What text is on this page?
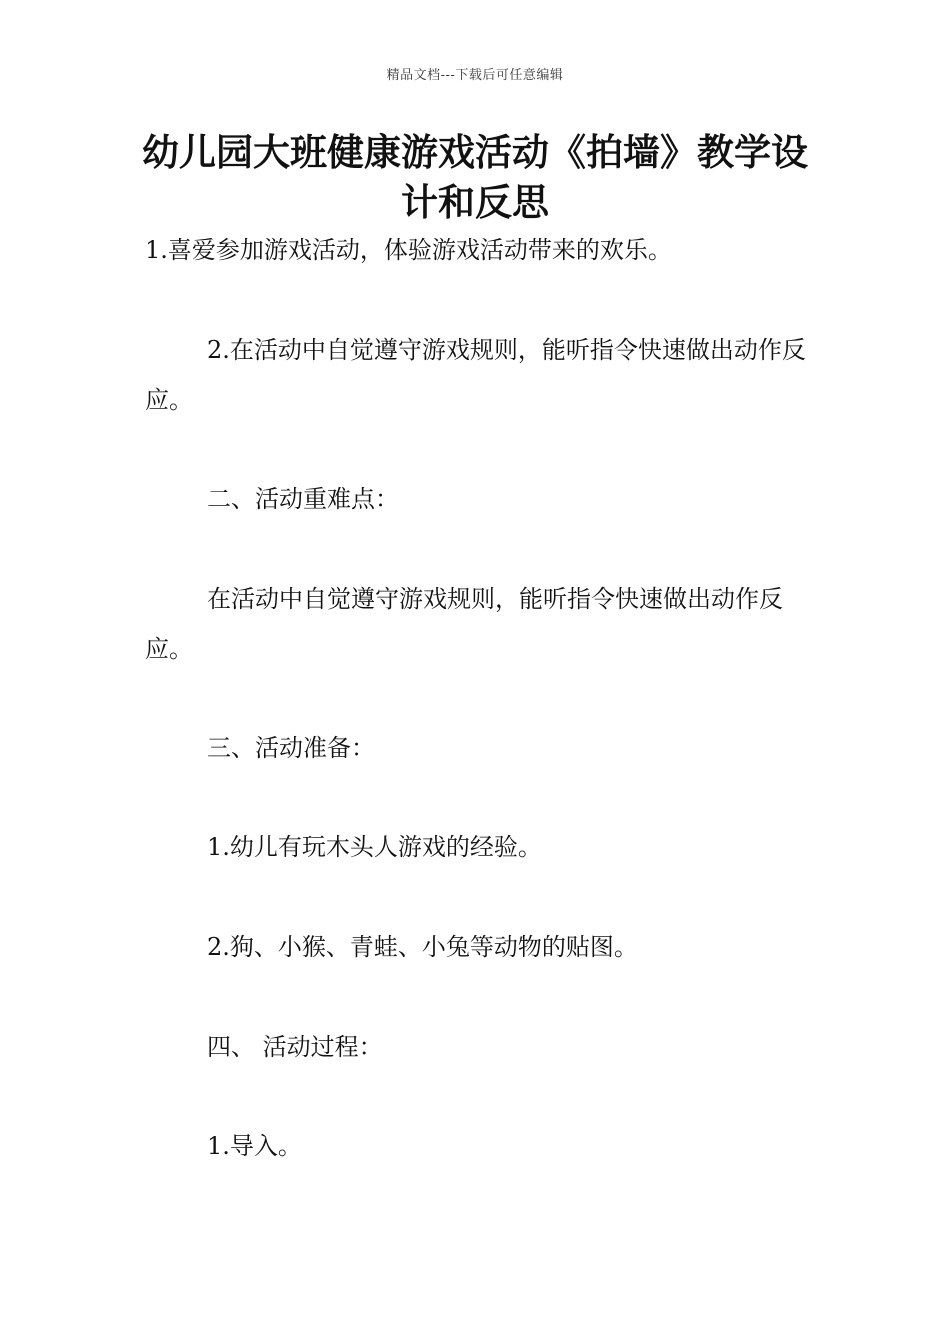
精品文档---下载后可任意编辑
幼儿园大班健康游戏活动《拍墙》教学设计和反思

1.喜爱参加游戏活动，体验游戏活动带来的欢乐。

2.在活动中自觉遵守游戏规则，能听指令快速做出动作反应。

二、活动重难点：

在活动中自觉遵守游戏规则，能听指令快速做出动作反应。

三、活动准备：

1.幼儿有玩木头人游戏的经验。

2.狗、小猴、青蛙、小兔等动物的贴图。

四、 活动过程：

1.导入。
